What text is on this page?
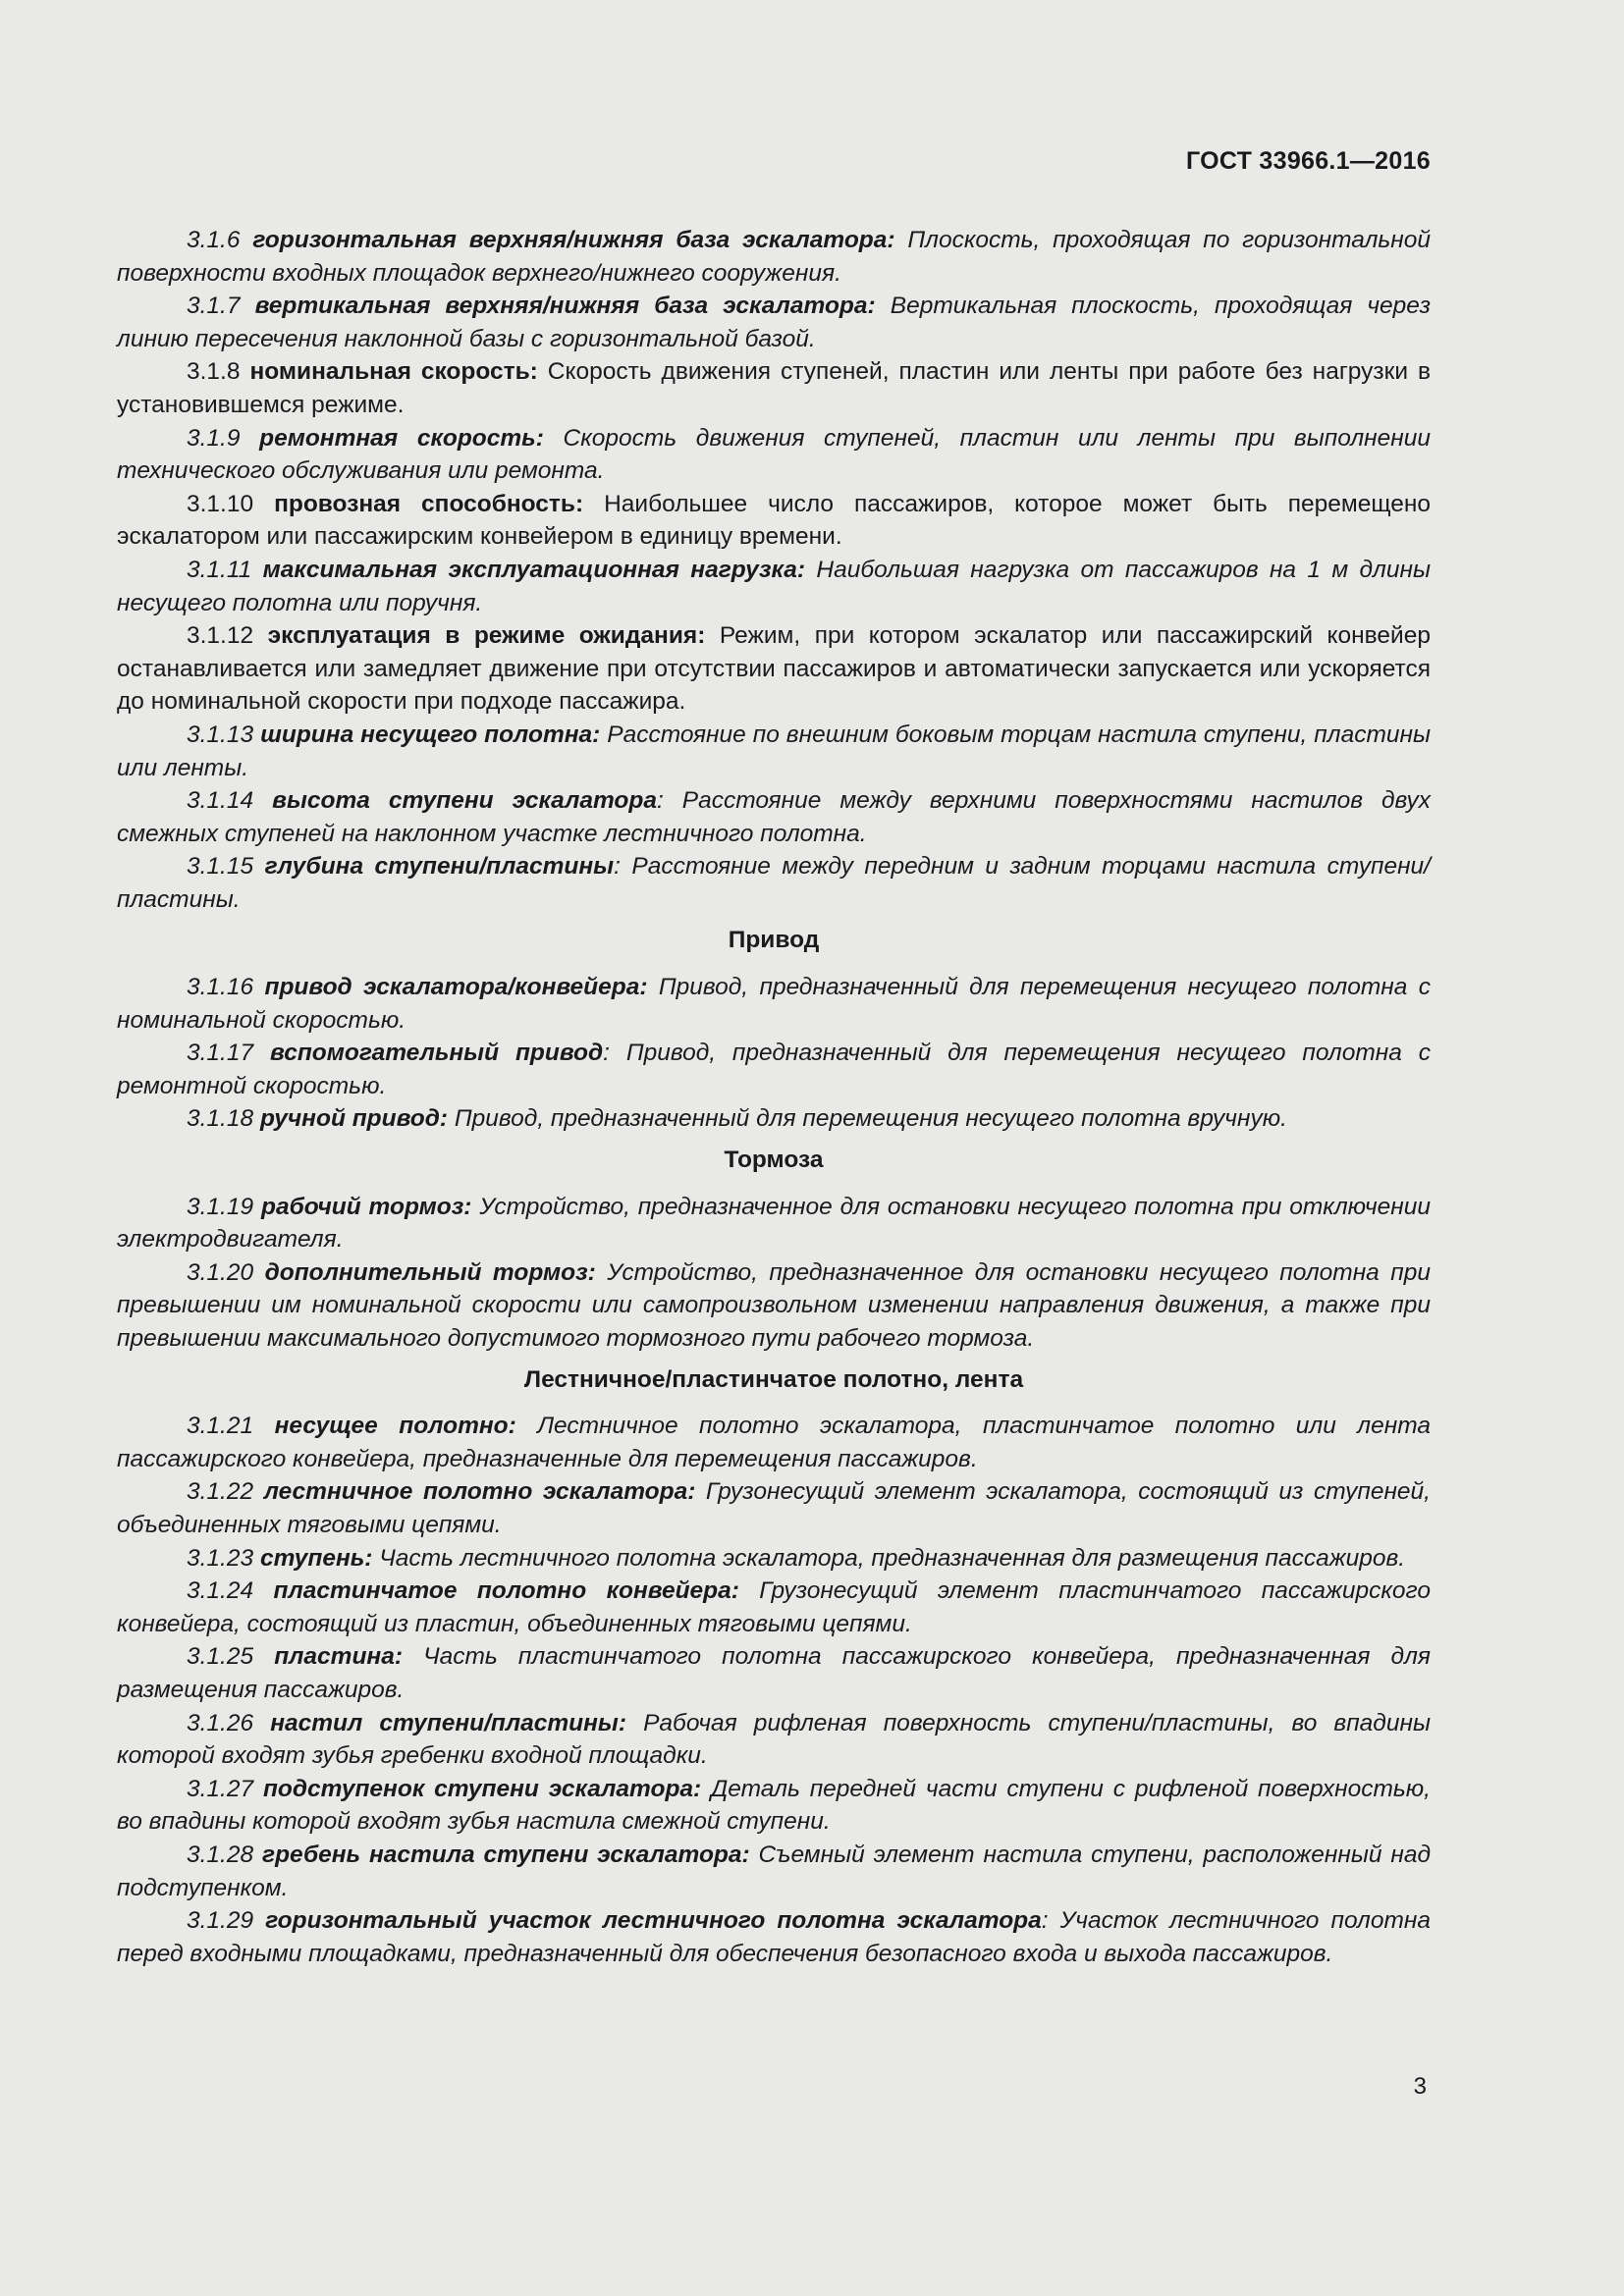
ГОСТ 33966.1—2016

3.1.6 горизонтальная верхняя/нижняя база эскалатора: Плоскость, проходящая по горизонтальной поверхности входных площадок верхнего/нижнего сооружения.

3.1.7 вертикальная верхняя/нижняя база эскалатора: Вертикальная плоскость, проходящая через линию пересечения наклонной базы с горизонтальной базой.

3.1.8 номинальная скорость: Скорость движения ступеней, пластин или ленты при работе без нагрузки в установившемся режиме.

3.1.9 ремонтная скорость: Скорость движения ступеней, пластин или ленты при выполнении технического обслуживания или ремонта.

3.1.10 провозная способность: Наибольшее число пассажиров, которое может быть перемещено эскалатором или пассажирским конвейером в единицу времени.

3.1.11 максимальная эксплуатационная нагрузка: Наибольшая нагрузка от пассажиров на 1 м длины несущего полотна или поручня.

3.1.12 эксплуатация в режиме ожидания: Режим, при котором эскалатор или пассажирский конвейер останавливается или замедляет движение при отсутствии пассажиров и автоматически запускается или ускоряется до номинальной скорости при подходе пассажира.

3.1.13 ширина несущего полотна: Расстояние по внешним боковым торцам настила ступени, пластины или ленты.

3.1.14 высота ступени эскалатора: Расстояние между верхними поверхностями настилов двух смежных ступеней на наклонном участке лестничного полотна.

3.1.15 глубина ступени/пластины: Расстояние между передним и задним торцами настила ступени/пластины.

Привод

3.1.16 привод эскалатора/конвейера: Привод, предназначенный для перемещения несущего полотна с номинальной скоростью.

3.1.17 вспомогательный привод: Привод, предназначенный для перемещения несущего полотна с ремонтной скоростью.

3.1.18 ручной привод: Привод, предназначенный для перемещения несущего полотна вручную.

Тормоза

3.1.19 рабочий тормоз: Устройство, предназначенное для остановки несущего полотна при отключении электродвигателя.

3.1.20 дополнительный тормоз: Устройство, предназначенное для остановки несущего полотна при превышении им номинальной скорости или самопроизвольном изменении направления движения, а также при превышении максимального допустимого тормозного пути рабочего тормоза.

Лестничное/пластинчатое полотно, лента

3.1.21 несущее полотно: Лестничное полотно эскалатора, пластинчатое полотно или лента пассажирского конвейера, предназначенные для перемещения пассажиров.

3.1.22 лестничное полотно эскалатора: Грузонесущий элемент эскалатора, состоящий из ступеней, объединенных тяговыми цепями.

3.1.23 ступень: Часть лестничного полотна эскалатора, предназначенная для размещения пассажиров.

3.1.24 пластинчатое полотно конвейера: Грузонесущий элемент пластинчатого пассажирского конвейера, состоящий из пластин, объединенных тяговыми цепями.

3.1.25 пластина: Часть пластинчатого полотна пассажирского конвейера, предназначенная для размещения пассажиров.

3.1.26 настил ступени/пластины: Рабочая рифленая поверхность ступени/пластины, во впадины которой входят зубья гребенки входной площадки.

3.1.27 подступенок ступени эскалатора: Деталь передней части ступени с рифленой поверхностью, во впадины которой входят зубья настила смежной ступени.

3.1.28 гребень настила ступени эскалатора: Съемный элемент настила ступени, расположенный над подступенком.

3.1.29 горизонтальный участок лестничного полотна эскалатора: Участок лестничного полотна перед входными площадками, предназначенный для обеспечения безопасного входа и выхода пассажиров.

3
